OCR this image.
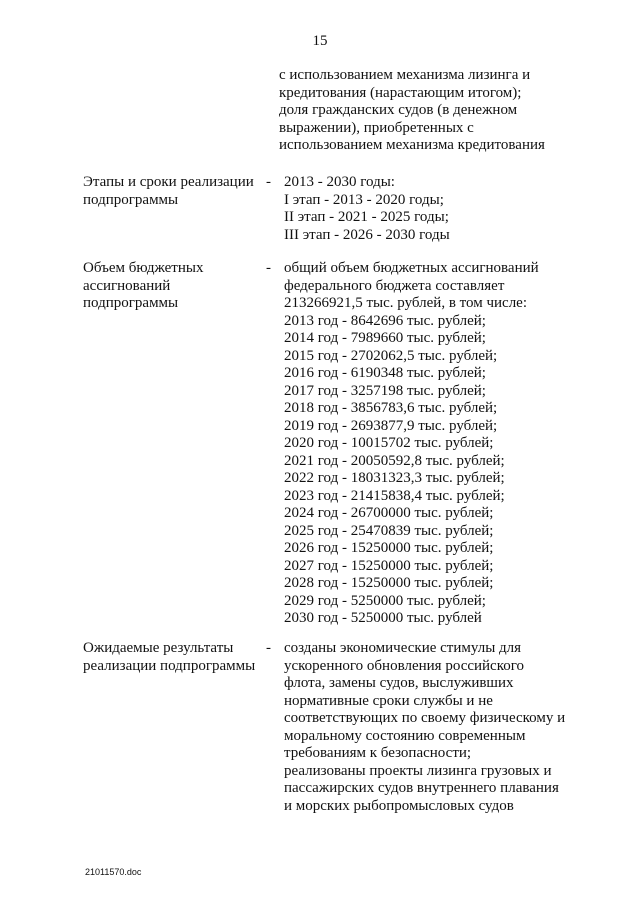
15
с использованием механизма лизинга и
кредитования (нарастающим итогом);
доля гражданских судов (в денежном
выражении), приобретенных с
использованием механизма кредитования
Этапы и сроки реализации
подпрограммы
- 2013 - 2030 годы:
I этап - 2013 - 2020 годы;
II этап - 2021 - 2025 годы;
III этап - 2026 - 2030 годы
Объем бюджетных
ассигнований
подпрограммы
- общий объем бюджетных ассигнований
федерального бюджета составляет
213266921,5 тыс. рублей, в том числе:
2013 год - 8642696 тыс. рублей;
2014 год - 7989660 тыс. рублей;
2015 год - 2702062,5 тыс. рублей;
2016 год - 6190348 тыс. рублей;
2017 год - 3257198 тыс. рублей;
2018 год - 3856783,6 тыс. рублей;
2019 год - 2693877,9 тыс. рублей;
2020 год - 10015702 тыс. рублей;
2021 год - 20050592,8 тыс. рублей;
2022 год - 18031323,3 тыс. рублей;
2023 год - 21415838,4 тыс. рублей;
2024 год - 26700000 тыс. рублей;
2025 год - 25470839 тыс. рублей;
2026 год - 15250000 тыс. рублей;
2027 год - 15250000 тыс. рублей;
2028 год - 15250000 тыс. рублей;
2029 год - 5250000 тыс. рублей;
2030 год - 5250000 тыс. рублей
Ожидаемые результаты
реализации подпрограммы
- созданы экономические стимулы для
ускоренного обновления российского
флота, замены судов, выслуживших
нормативные сроки службы и не
соответствующих по своему физическому и
моральному состоянию современным
требованиям к безопасности;
реализованы проекты лизинга грузовых и
пассажирских судов внутреннего плавания
и морских рыбопромысловых судов
21011570.doc
